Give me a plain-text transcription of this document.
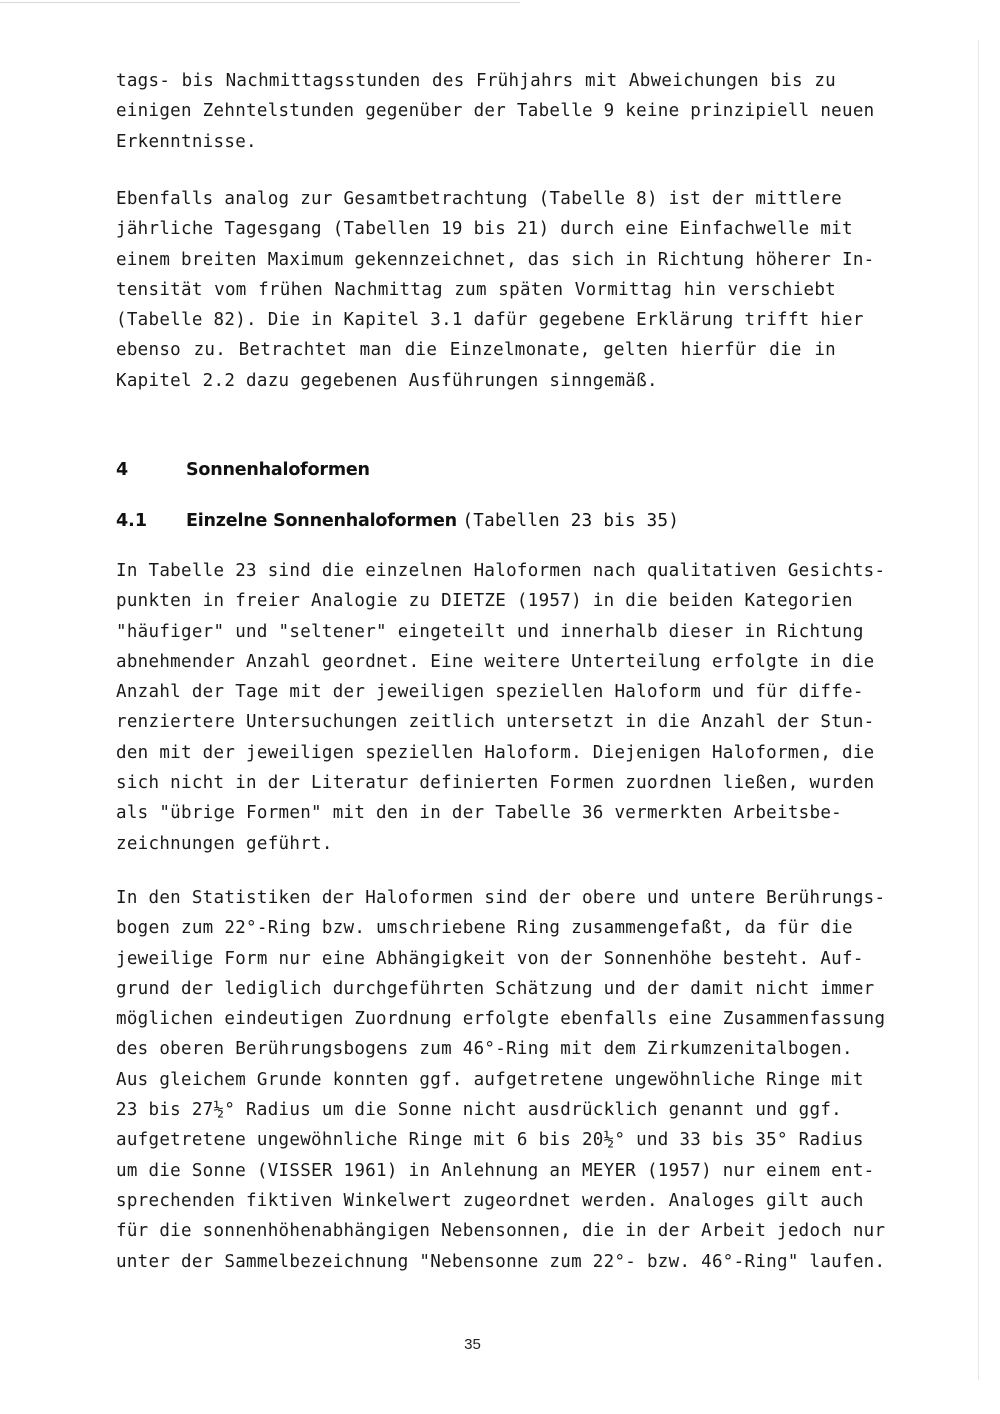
tags- bis Nachmittagsstunden des Frühjahrs mit Abweichungen bis zu
einigen Zehntelstunden gegenüber der Tabelle 9 keine prinzipiell neuen
Erkenntnisse.
Ebenfalls analog zur Gesamtbetrachtung (Tabelle 8) ist der mittlere
jährliche Tagesgang (Tabellen 19 bis 21) durch eine Einfachwelle mit
einem breiten Maximum gekennzeichnet, das sich in Richtung höherer In-
tensität vom frühen Nachmittag zum späten Vormittag hin verschiebt
(Tabelle 82). Die in Kapitel 3.1 dafür gegebene Erklärung trifft hier
ebenso zu. Betrachtet man die Einzelmonate, gelten hierfür die in
Kapitel 2.2 dazu gegebenen Ausführungen sinngemäß.
4	Sonnenhaloformen
4.1 Einzelne Sonnenhaloformen (Tabellen 23 bis 35)
In Tabelle 23 sind die einzelnen Haloformen nach qualitativen Gesichts-
punkten in freier Analogie zu DIETZE (1957) in die beiden Kategorien
"häufiger" und "seltener" eingeteilt und innerhalb dieser in Richtung
abnehmender Anzahl geordnet. Eine weitere Unterteilung erfolgte in die
Anzahl der Tage mit der jeweiligen speziellen Haloform und für diffe-
renziertere Untersuchungen zeitlich untersetzt in die Anzahl der Stun-
den mit der jeweiligen speziellen Haloform. Diejenigen Haloformen, die
sich nicht in der Literatur definierten Formen zuordnen ließen, wurden
als "übrige Formen" mit den in der Tabelle 36 vermerkten Arbeitsbe-
zeichnungen geführt.
In den Statistiken der Haloformen sind der obere und untere Berührungs-
bogen zum 22°-Ring bzw. umschriebene Ring zusammengefaßt, da für die
jeweilige Form nur eine Abhängigkeit von der Sonnenhöhe besteht. Auf-
grund der lediglich durchgeführten Schätzung und der damit nicht immer
möglichen eindeutigen Zuordnung erfolgte ebenfalls eine Zusammenfassung
des oberen Berührungsbogens zum 46°-Ring mit dem Zirkumzenitalbogen.
Aus gleichem Grunde konnten ggf. aufgetretene ungewöhnliche Ringe mit
23 bis 27½° Radius um die Sonne nicht ausdrücklich genannt und ggf.
aufgetretene ungewöhnliche Ringe mit 6 bis 20½° und 33 bis 35° Radius
um die Sonne (VISSER 1961) in Anlehnung an MEYER (1957) nur einem ent-
sprechenden fiktiven Winkelwert zugeordnet werden. Analoges gilt auch
für die sonnenhöhenabhängigen Nebensonnen, die in der Arbeit jedoch nur
unter der Sammelbezeichnung "Nebensonne zum 22°- bzw. 46°-Ring" laufen.
35
